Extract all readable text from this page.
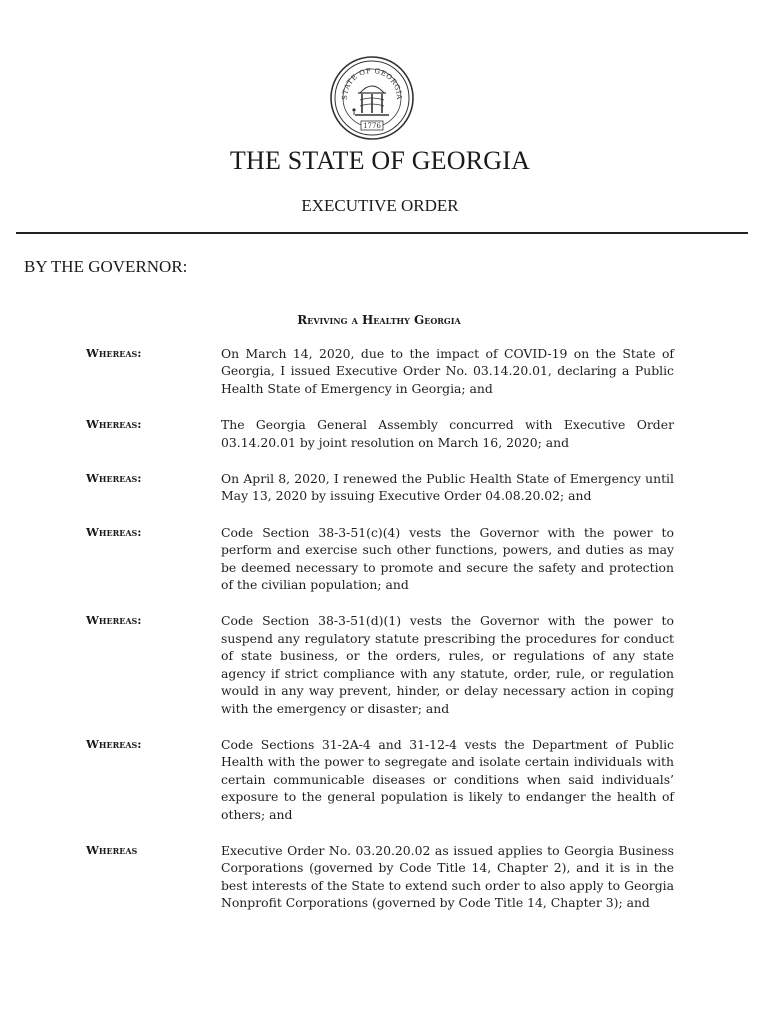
STATE OF GEORGIA
1776
THE STATE OF GEORGIA
EXECUTIVE ORDER
BY THE GOVERNOR:
Reviving a Healthy Georgia
Whereas:	On March 14, 2020, due to the impact of COVID-19 on the State of Georgia, I issued Executive Order No. 03.14.20.01, declaring a Public Health State of Emergency in Georgia; and
Whereas:	The Georgia General Assembly concurred with Executive Order 03.14.20.01 by joint resolution on March 16, 2020; and
Whereas:	On April 8, 2020, I renewed the Public Health State of Emergency until May 13, 2020 by issuing Executive Order 04.08.20.02; and
Whereas:	Code Section 38-3-51(c)(4) vests the Governor with the power to perform and exercise such other functions, powers, and duties as may be deemed necessary to promote and secure the safety and protection of the civilian population; and
Whereas:	Code Section 38-3-51(d)(1) vests the Governor with the power to suspend any regulatory statute prescribing the procedures for conduct of state business, or the orders, rules, or regulations of any state agency if strict compliance with any statute, order, rule, or regulation would in any way prevent, hinder, or delay necessary action in coping with the emergency or disaster; and
Whereas:	Code Sections 31-2A-4 and 31-12-4 vests the Department of Public Health with the power to segregate and isolate certain individuals with certain communicable diseases or conditions when said individuals’ exposure to the general population is likely to endanger the health of others; and
Whereas	Executive Order No. 03.20.20.02 as issued applies to Georgia Business Corporations (governed by Code Title 14, Chapter 2), and it is in the best interests of the State to extend such order to also apply to Georgia Nonprofit Corporations (governed by Code Title 14, Chapter 3); and
